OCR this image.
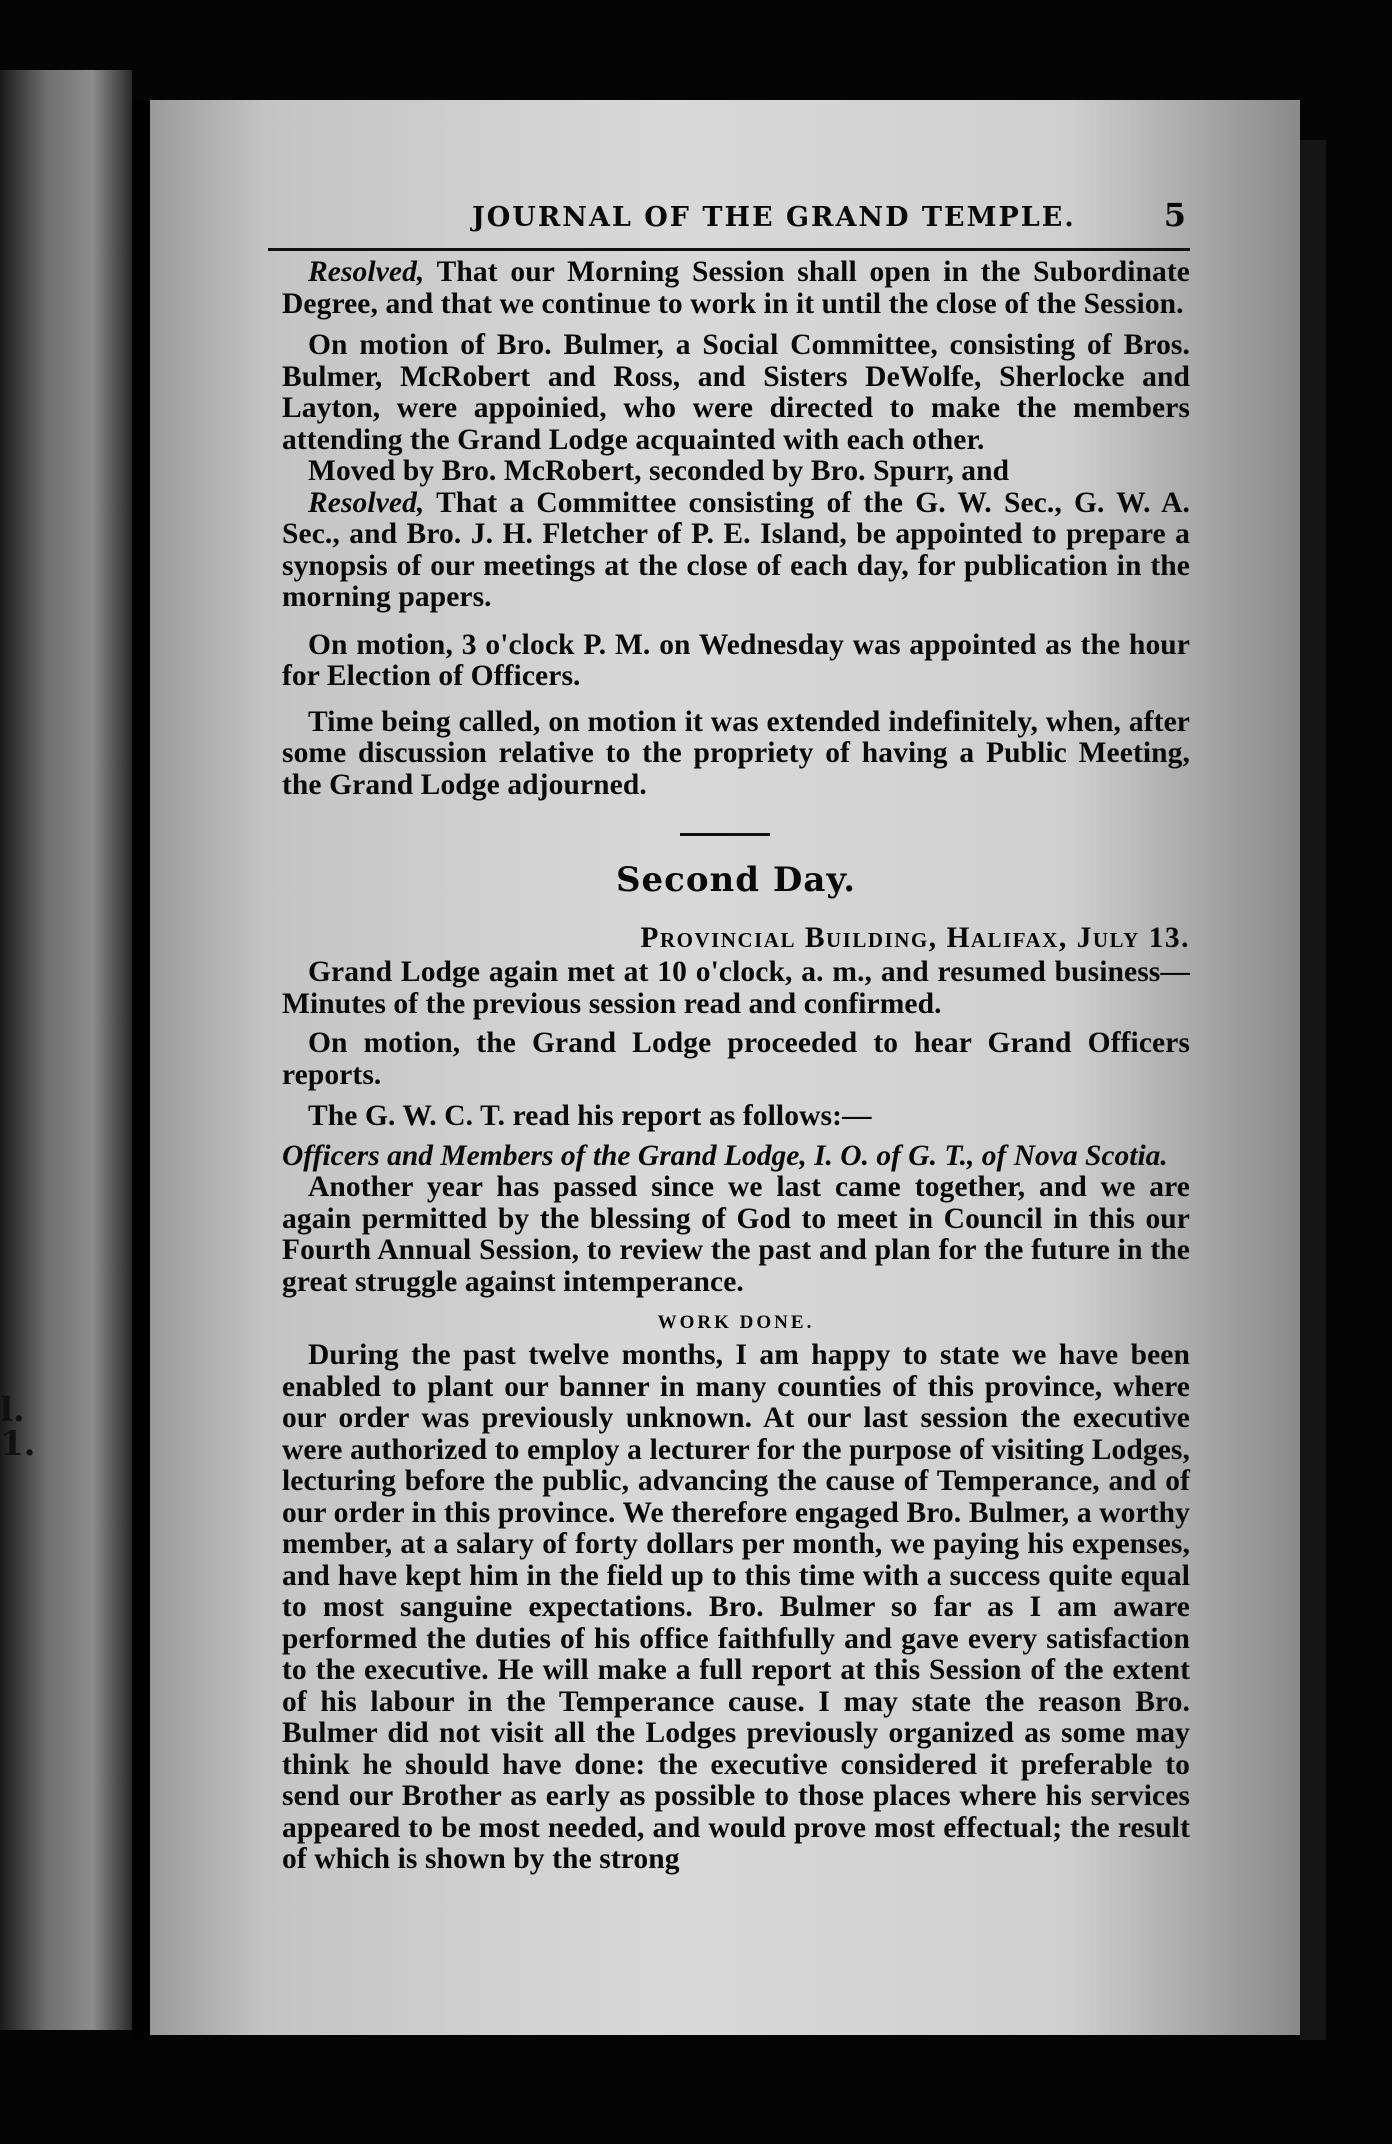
l.
1.
JOURNAL OF THE GRAND TEMPLE.	5

Resolved, That our Morning Session shall open in the Subordinate Degree, and that we continue to work in it until the close of the Session.

On motion of Bro. Bulmer, a Social Committee, consisting of Bros. Bulmer, McRobert and Ross, and Sisters DeWolfe, Sherlocke and Layton, were appoinied, who were directed to make the members attending the Grand Lodge acquainted with each other.

Moved by Bro. McRobert, seconded by Bro. Spurr, and

Resolved, That a Committee consisting of the G. W. Sec., G. W. A. Sec., and Bro. J. H. Fletcher of P. E. Island, be appointed to prepare a synopsis of our meetings at the close of each day, for publication in the morning papers.

On motion, 3 o'clock P. M. on Wednesday was appointed as the hour for Election of Officers.

Time being called, on motion it was extended indefinitely, when, after some discussion relative to the propriety of having a Public Meeting, the Grand Lodge adjourned.

Second Day.
Provincial Building, Halifax, July 13.

Grand Lodge again met at 10 o'clock, a. m., and resumed business—Minutes of the previous session read and confirmed.

On motion, the Grand Lodge proceeded to hear Grand Officers reports.

The G. W. C. T. read his report as follows:—

Officers and Members of the Grand Lodge, I. O. of G. T., of Nova Scotia.

Another year has passed since we last came together, and we are again permitted by the blessing of God to meet in Council in this our Fourth Annual Session, to review the past and plan for the future in the great struggle against intemperance.

WORK DONE.

During the past twelve months, I am happy to state we have been enabled to plant our banner in many counties of this province, where our order was previously unknown. At our last session the executive were authorized to employ a lecturer for the purpose of visiting Lodges, lecturing before the public, advancing the cause of Temperance, and of our order in this province. We therefore engaged Bro. Bulmer, a worthy member, at a salary of forty dollars per month, we paying his expenses, and have kept him in the field up to this time with a success quite equal to most sanguine expectations. Bro. Bulmer so far as I am aware performed the duties of his office faithfully and gave every satisfaction to the executive. He will make a full report at this Session of the extent of his labour in the Temperance cause. I may state the reason Bro. Bulmer did not visit all the Lodges previously organized as some may think he should have done: the executive considered it preferable to send our Brother as early as possible to those places where his services appeared to be most needed, and would prove most effectual; the result of which is shown by the strong
